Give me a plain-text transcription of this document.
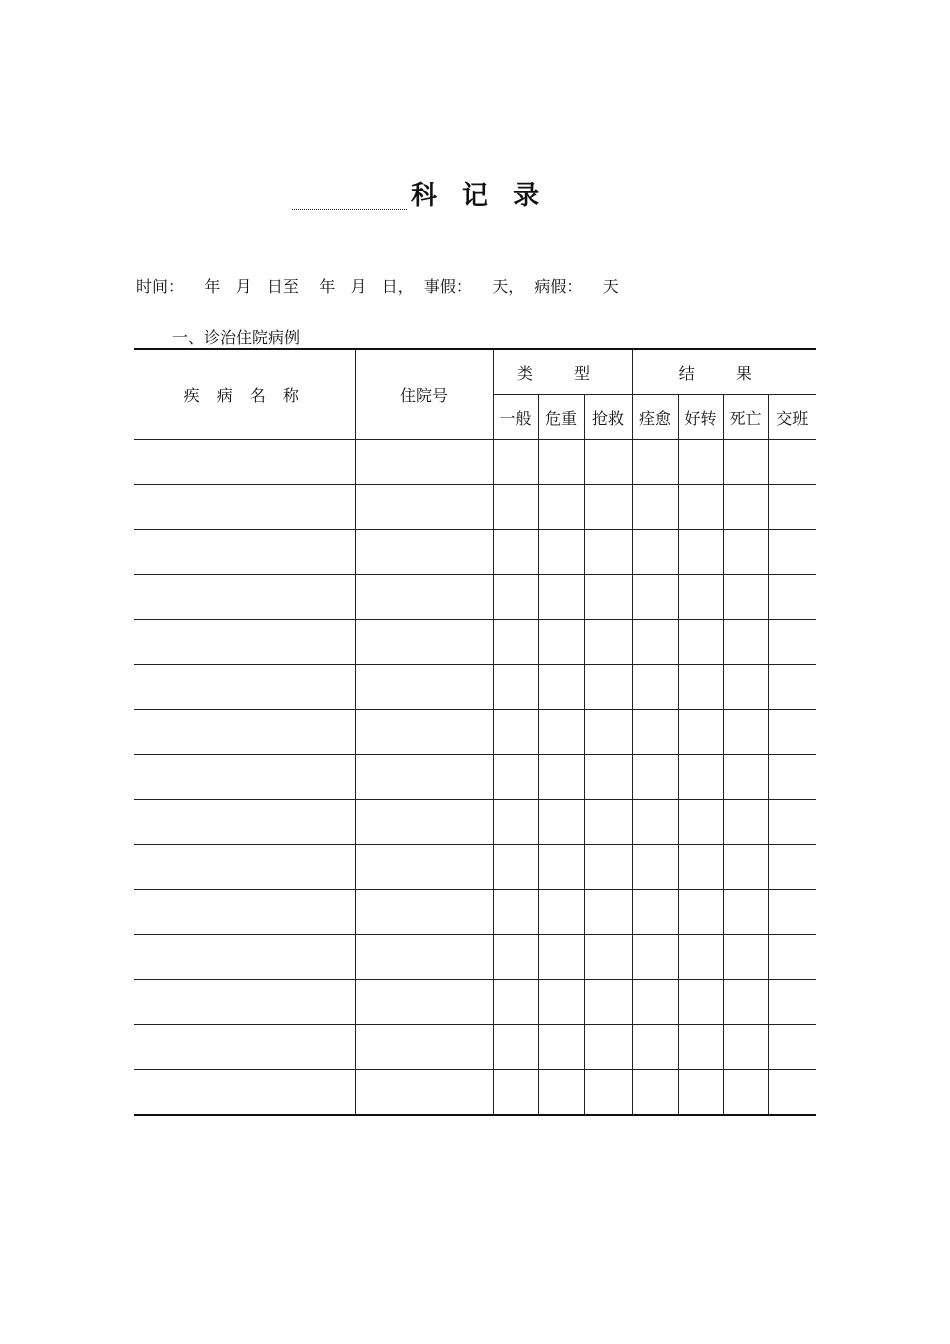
科 记 录
时间：    年   月   日至    年   月   日，  事假：    天，  病假：    天
一、诊治住院病例
疾 病 名 称	住院号	类 型			结 果			
		一般	危重	抢救	痊愈	好转	死亡	交班
